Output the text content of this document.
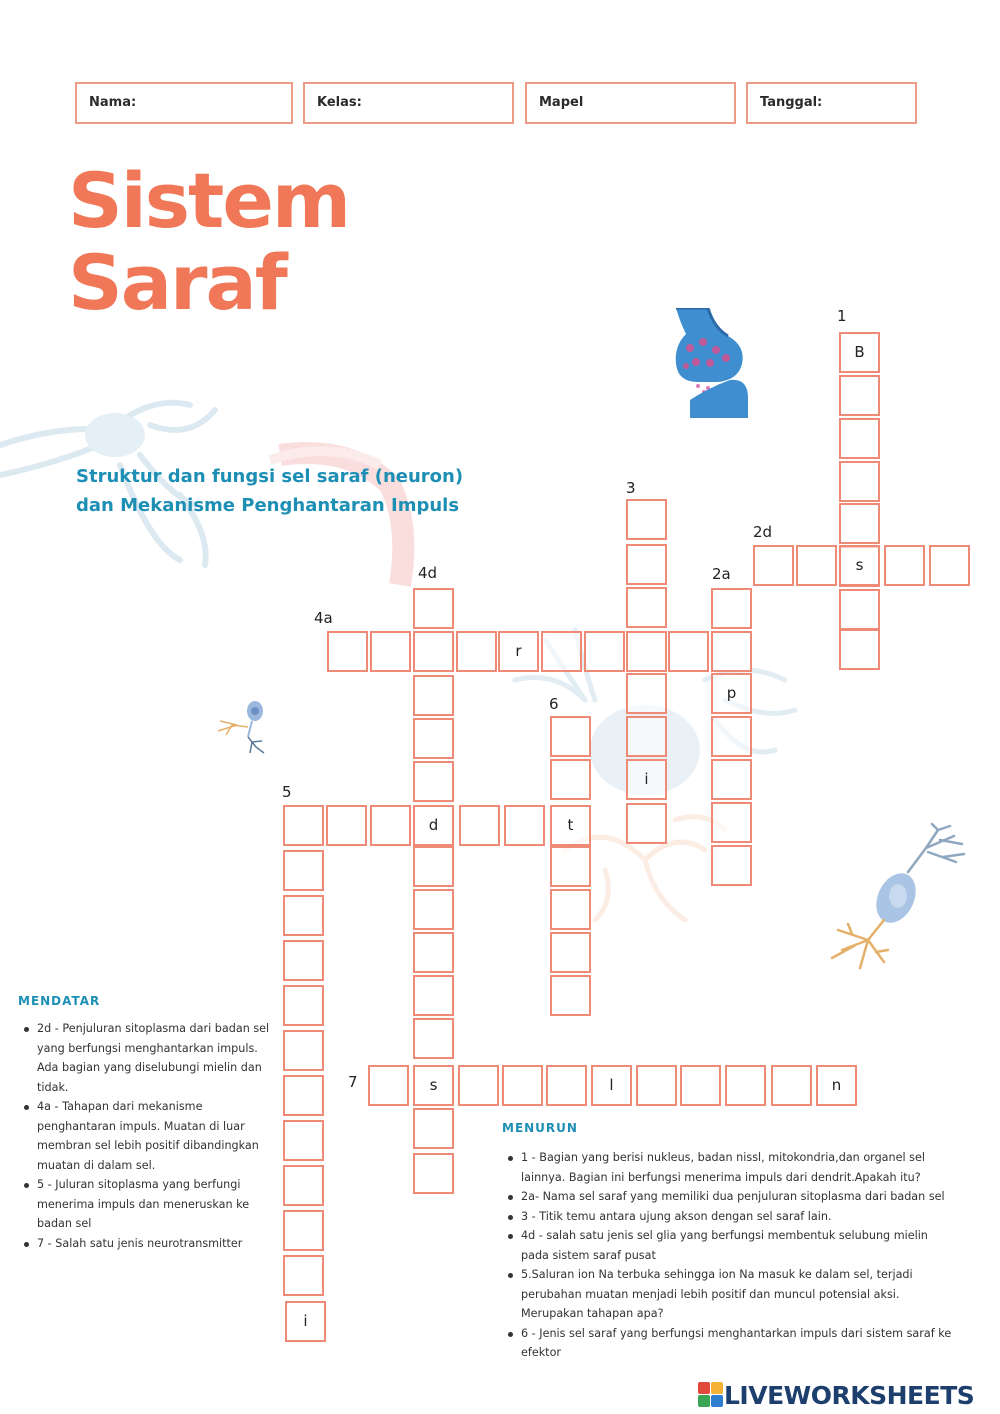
Nama:	Kelas:	Mapel	Tanggal:
Sistem
Saraf
Struktur dan fungsi sel saraf (neuron)
dan Mekanisme Penghantaran Impuls
1
3
2d
4d	2a
4a
6
5
7
B
s
i
p
r
d	t
i
s	l	n
MENDATAR
2d - Penjuluran sitoplasma dari badan sel yang berfungsi menghantarkan impuls. Ada bagian yang diselubungi mielin dan tidak.
4a - Tahapan dari mekanisme penghantaran impuls. Muatan di luar membran sel lebih positif dibandingkan muatan di dalam sel.
5 - Juluran sitoplasma yang berfungi menerima impuls dan meneruskan ke badan sel
7 - Salah satu jenis neurotransmitter
MENURUN
1 - Bagian yang berisi nukleus, badan nissl, mitokondria,dan organel sel lainnya. Bagian ini berfungsi menerima impuls dari dendrit.Apakah itu?
2a- Nama sel saraf yang memiliki dua penjuluran sitoplasma dari badan sel
3 - Titik temu antara ujung akson dengan sel saraf lain.
4d - salah satu jenis sel glia yang berfungsi membentuk selubung mielin pada sistem saraf pusat
5.Saluran ion Na terbuka sehingga ion Na masuk ke dalam sel, terjadi perubahan muatan menjadi lebih positif dan muncul potensial aksi. Merupakan tahapan apa?
6 - Jenis sel saraf yang berfungsi menghantarkan impuls dari sistem saraf ke efektor
LIVEWORKSHEETS
